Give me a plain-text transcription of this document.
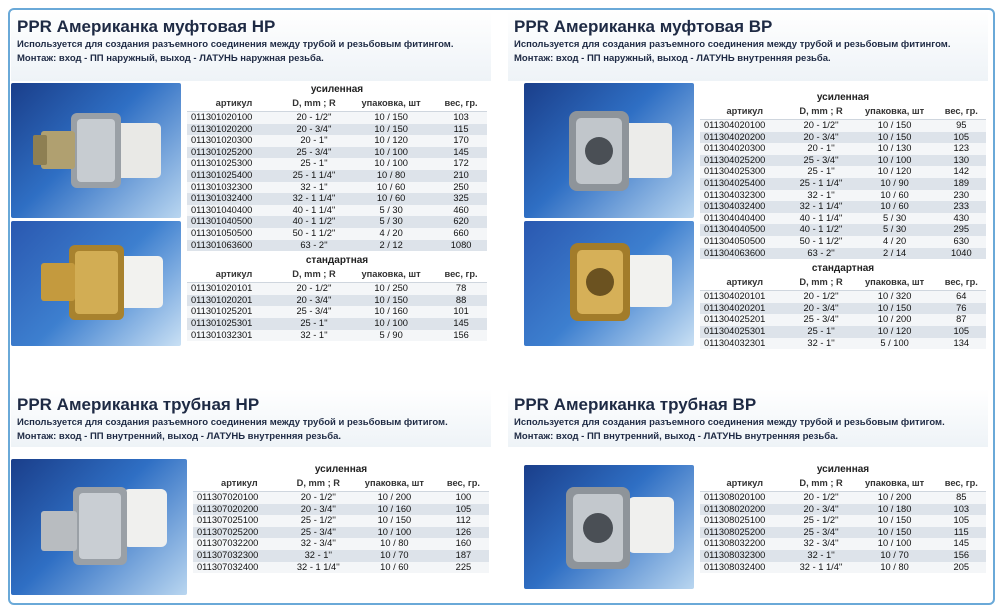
PPR Американка муфтовая НР
Используется для создания разъемного соединения между трубой и резьбовым фитингом.
Монтаж: вход - ПП наружный, выход - ЛАТУНЬ наружная резьба.
усиленная
артикул	D, mm ; R	упаковка, шт	вес, гр.
011301020100	20 - 1/2''	10 / 150	103
011301020200	20 - 3/4''	10 / 150	115
011301020300	20 - 1''	10 / 120	170
011301025200	25 - 3/4''	10 / 100	145
011301025300	25 - 1''	10 / 100	172
011301025400	25 - 1 1/4''	10 / 80	210
011301032300	32 - 1''	10 / 60	250
011301032400	32 - 1 1/4''	10 / 60	325
011301040400	40 - 1 1/4''	5 / 30	460
011301040500	40 - 1 1/2''	5 / 30	620
011301050500	50 - 1 1/2''	4 / 20	660
011301063600	63 - 2''	2 / 12	1080
стандартная
артикул	D, mm ; R	упаковка, шт	вес, гр.
011301020101	20 - 1/2''	10 / 250	78
011301020201	20 - 3/4''	10 / 150	88
011301025201	25 - 3/4''	10 / 160	101
011301025301	25 - 1''	10 / 100	145
011301032301	32 - 1''	5 / 90	156
PPR Американка муфтовая ВР
Используется для создания разъемного соединения между трубой и резьбовым фитингом.
Монтаж: вход - ПП наружный, выход - ЛАТУНЬ внутренняя резьба.
усиленная
артикул	D, mm ; R	упаковка, шт	вес, гр.
011304020100	20 - 1/2''	10 / 150	95
011304020200	20 - 3/4''	10 / 150	105
011304020300	20 - 1''	10 / 130	123
011304025200	25 - 3/4''	10 / 100	130
011304025300	25 - 1''	10 / 120	142
011304025400	25 - 1 1/4''	10 / 90	189
011304032300	32 - 1''	10 / 60	230
011304032400	32 - 1 1/4''	10 / 60	233
011304040400	40 - 1 1/4''	5 / 30	430
011304040500	40 - 1 1/2''	5 / 30	295
011304050500	50 - 1 1/2''	4 / 20	630
011304063600	63 - 2''	2 / 14	1040
стандартная
артикул	D, mm ; R	упаковка, шт	вес, гр.
011304020101	20 - 1/2''	10 / 320	64
011304020201	20 - 3/4''	10 / 150	76
011304025201	25 - 3/4''	10 / 200	87
011304025301	25 - 1''	10 / 120	105
011304032301	32 - 1''	5 / 100	134
PPR Американка трубная НР
Используется для создания разъемного соединения между трубой и резьбовым фитигом.
Монтаж: вход - ПП внутренний, выход - ЛАТУНЬ внутренняя резьба.
усиленная
артикул	D, mm ; R	упаковка, шт	вес, гр.
011307020100	20 - 1/2''	10 / 200	100
011307020200	20 - 3/4''	10 / 160	105
011307025100	25 - 1/2''	10 / 150	112
011307025200	25 - 3/4''	10 / 100	126
011307032200	32 - 3/4''	10 / 80	160
011307032300	32 - 1''	10 / 70	187
011307032400	32 - 1 1/4''	10 / 60	225
PPR Американка трубная ВР
Используется для создания разъемного соединения между трубой и резьбовым фитигом.
Монтаж: вход - ПП внутренний, выход - ЛАТУНЬ внутренняя резьба.
усиленная
артикул	D, mm ; R	упаковка, шт	вес, гр.
011308020100	20 - 1/2''	10 / 200	85
011308020200	20 - 3/4''	10 / 180	103
011308025100	25 - 1/2''	10 / 150	105
011308025200	25 - 3/4''	10 / 150	115
011308032200	32 - 3/4''	10 / 100	145
011308032300	32 - 1''	10 / 70	156
011308032400	32 - 1 1/4''	10 / 80	205
